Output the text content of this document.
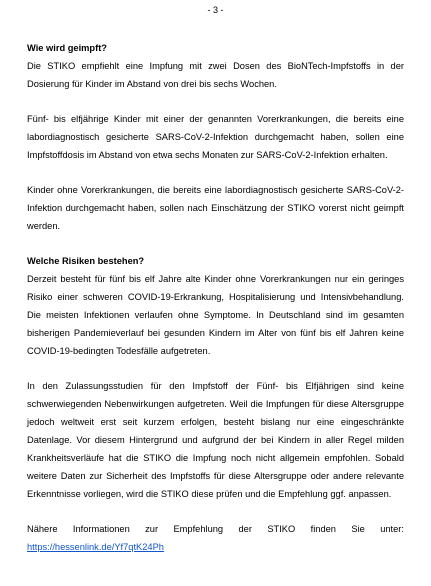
- 3 -

Wie wird geimpft?

Die STIKO empfiehlt eine Impfung mit zwei Dosen des BioNTech-Impfstoffs in der Dosierung für Kinder im Abstand von drei bis sechs Wochen.

Fünf- bis elfjährige Kinder mit einer der genannten Vorerkrankungen, die bereits eine labordiagnostisch gesicherte SARS-CoV-2-Infektion durchgemacht haben, sollen eine Impfstoffdosis im Abstand von etwa sechs Monaten zur SARS-CoV-2-Infektion erhalten.

Kinder ohne Vorerkrankungen, die bereits eine labordiagnostisch gesicherte SARS-CoV-2-Infektion durchgemacht haben, sollen nach Einschätzung der STIKO vorerst nicht geimpft werden.

Welche Risiken bestehen?

Derzeit besteht für fünf bis elf Jahre alte Kinder ohne Vorerkrankungen nur ein geringes Risiko einer schweren COVID-19-Erkrankung, Hospitalisierung und Intensivbehandlung. Die meisten Infektionen verlaufen ohne Symptome. In Deutschland sind im gesamten bisherigen Pandemieverlauf bei gesunden Kindern im Alter von fünf bis elf Jahren keine COVID-19-bedingten Todesfälle aufgetreten.

In den Zulassungsstudien für den Impfstoff der Fünf- bis Elfjährigen sind keine schwerwiegenden Nebenwirkungen aufgetreten. Weil die Impfungen für diese Altersgruppe jedoch weltweit erst seit kurzem erfolgen, besteht bislang nur eine eingeschränkte Datenlage. Vor diesem Hintergrund und aufgrund der bei Kindern in aller Regel milden Krankheitsverläufe hat die STIKO die Impfung noch nicht allgemein empfohlen. Sobald weitere Daten zur Sicherheit des Impfstoffs für diese Altersgruppe oder andere relevante Erkenntnisse vorliegen, wird die STIKO diese prüfen und die Empfehlung ggf. anpassen.

Nähere Informationen zur Empfehlung der STIKO finden Sie unter: https://hessenlink.de/Yf7qtK24Ph
